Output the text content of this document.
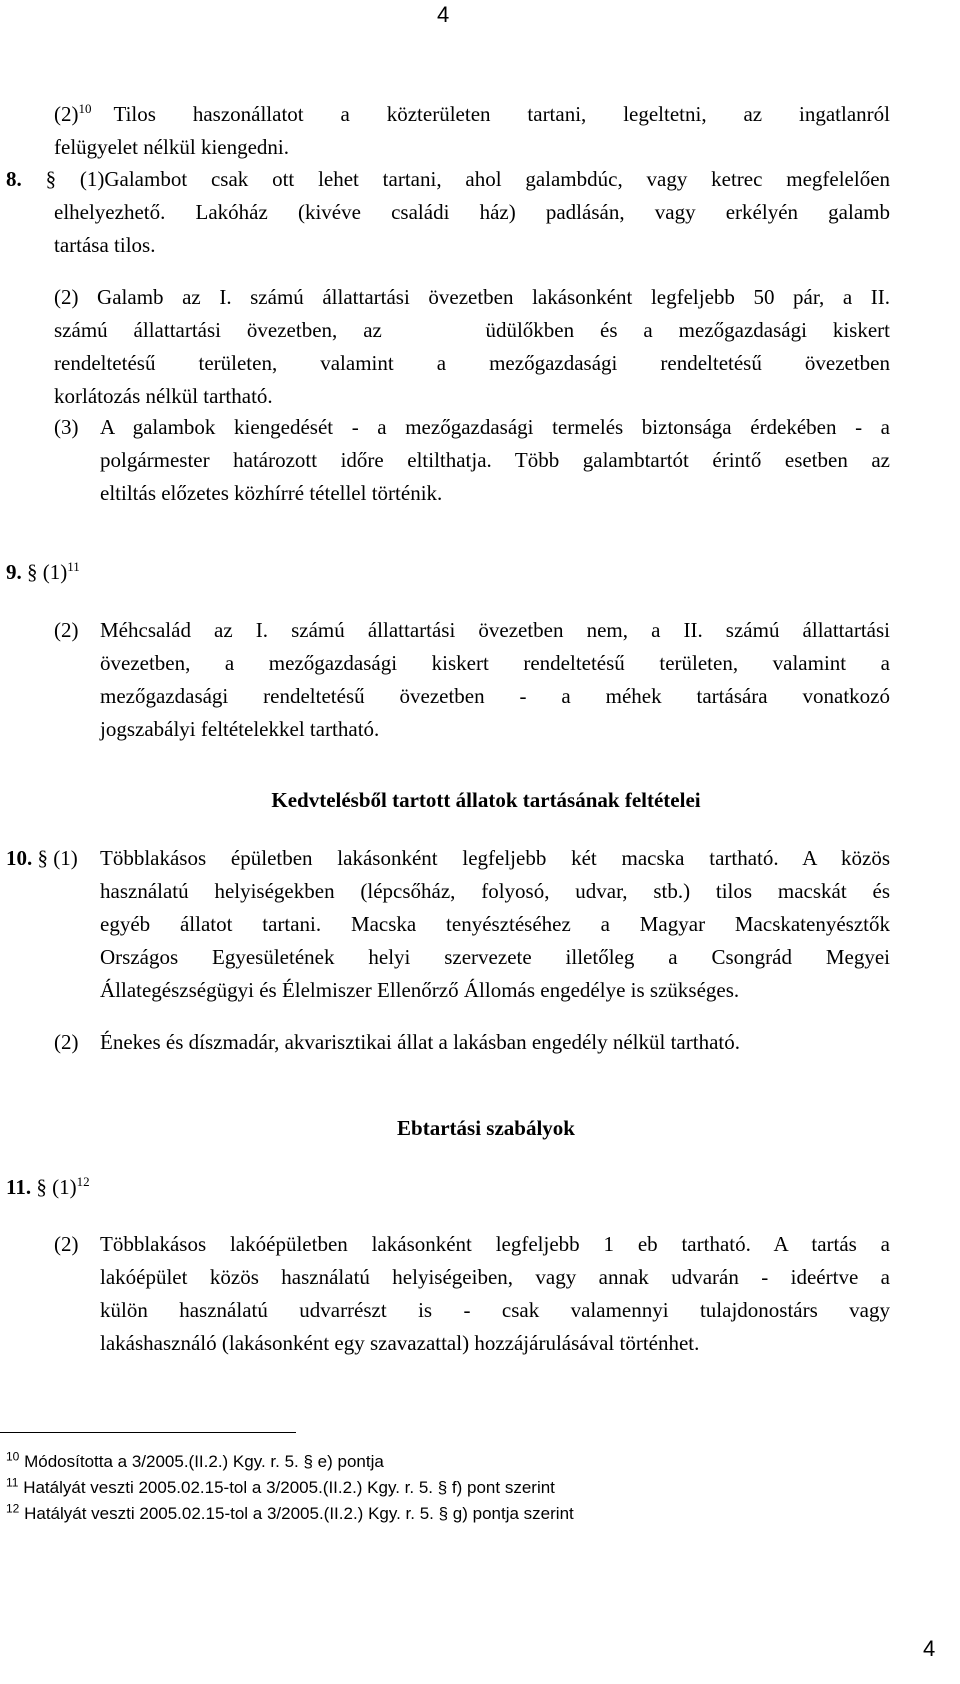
4
$(2)^{10}$ Tilos haszonállatot a közterületen tartani, legeltetni, az ingatlanról
felügyelet nélkül kiengedni.
8. § (1)Galambot csak ott lehet tartani, ahol galambdúc, vagy ketrec megfelelően
elhelyezhető. Lakóház (kivéve családi ház) padlásán, vagy erkélyén galamb
tartása tilos.
(2) Galamb az I. számú állattartási övezetben lakásonként legfeljebb 50 pár, a II.
számú állattartási övezetben, az    üdülőkben és a mezőgazdasági kiskert
rendeltetésű területen, valamint a mezőgazdasági rendeltetésű övezetben
korlátozás nélkül tartható.
(3) A galambok kiengedését - a mezőgazdasági termelés biztonsága érdekében - a
polgármester határozott időre eltilthatja. Több galambtartót érintő esetben az
eltiltás előzetes közhírré tétellel történik.
9. § $(1)^{11}$
(2) Méhcsalád az I. számú állattartási övezetben nem, a II. számú állattartási
övezetben, a mezőgazdasági kiskert rendeltetésű területen, valamint a
mezőgazdasági rendeltetésű övezetben - a méhek tartására vonatkozó
jogszabályi feltételekkel tartható.
Kedvtelésből tartott állatok tartásának feltételei
10. § (1) Többlakásos épületben lakásonként legfeljebb két macska tartható. A közös
használatú helyiségekben (lépcsőház, folyosó, udvar, stb.) tilos macskát és
egyéb állatot tartani. Macska tenyésztéséhez a Magyar Macskatenyésztők
Országos Egyesületének helyi szervezete illetőleg a Csongrád Megyei
Állategészségügyi és Élelmiszer Ellenőrző Állomás engedélye is szükséges.
(2) Énekes és díszmadár, akvarisztikai állat a lakásban engedély nélkül tartható.
Ebtartási szabályok
11. § $(1)^{12}$
(2) Többlakásos lakóépületben lakásonként legfeljebb 1 eb tartható. A tartás a
lakóépület közös használatú helyiségeiben, vagy annak udvarán - ideértve a
külön használatú udvarrészt is - csak valamennyi tulajdonostárs vagy
lakáshasználó (lakásonként egy szavazattal) hozzájárulásával történhet.
$^{10}$ Módosította a 3/2005.(II.2.) Kgy. r. 5. § e) pontja
$^{11}$ Hatályát veszti 2005.02.15-tol a 3/2005.(II.2.) Kgy. r. 5. § f) pont szerint
$^{12}$ Hatályát veszti 2005.02.15-tol a 3/2005.(II.2.) Kgy. r. 5. § g) pontja szerint
4
